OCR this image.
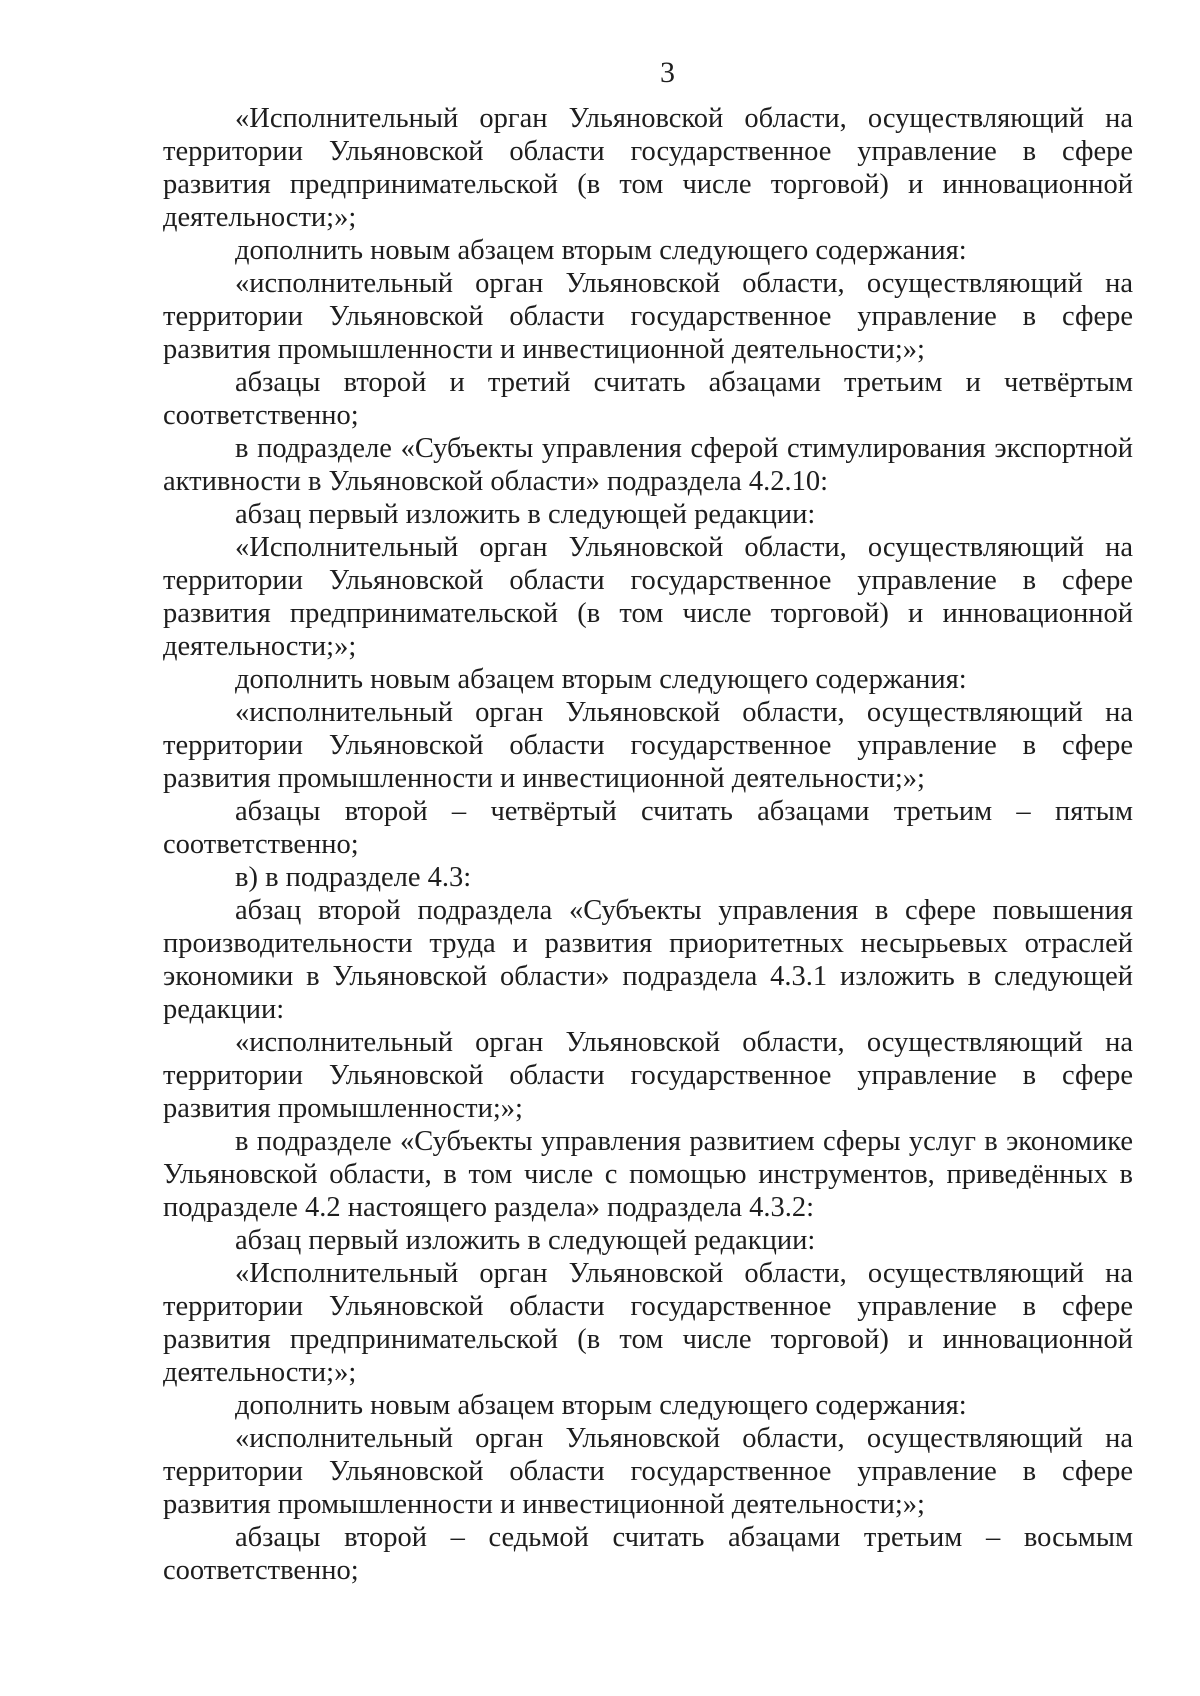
3

«Исполнительный орган Ульяновской области, осуществляющий на территории Ульяновской области государственное управление в сфере развития предпринимательской (в том числе торговой) и инновационной деятельности;»;

дополнить новым абзацем вторым следующего содержания:

«исполнительный орган Ульяновской области, осуществляющий на территории Ульяновской области государственное управление в сфере развития промышленности и инвестиционной деятельности;»;

абзацы второй и третий считать абзацами третьим и четвёртым соответственно;

в подразделе «Субъекты управления сферой стимулирования экспортной активности в Ульяновской области» подраздела 4.2.10:

абзац первый изложить в следующей редакции:

«Исполнительный орган Ульяновской области, осуществляющий на территории Ульяновской области государственное управление в сфере развития предпринимательской (в том числе торговой) и инновационной деятельности;»;

дополнить новым абзацем вторым следующего содержания:

«исполнительный орган Ульяновской области, осуществляющий на территории Ульяновской области государственное управление в сфере развития промышленности и инвестиционной деятельности;»;

абзацы второй – четвёртый считать абзацами третьим – пятым соответственно;

в) в подразделе 4.3:

абзац второй подраздела «Субъекты управления в сфере повышения производительности труда и развития приоритетных несырьевых отраслей экономики в Ульяновской области» подраздела 4.3.1 изложить в следующей редакции:

«исполнительный орган Ульяновской области, осуществляющий на территории Ульяновской области государственное управление в сфере развития промышленности;»;

в подразделе «Субъекты управления развитием сферы услуг в экономике Ульяновской области, в том числе с помощью инструментов, приведённых в подразделе 4.2 настоящего раздела» подраздела 4.3.2:

абзац первый изложить в следующей редакции:

«Исполнительный орган Ульяновской области, осуществляющий на территории Ульяновской области государственное управление в сфере развития предпринимательской (в том числе торговой) и инновационной деятельности;»;

дополнить новым абзацем вторым следующего содержания:

«исполнительный орган Ульяновской области, осуществляющий на территории Ульяновской области государственное управление в сфере развития промышленности и инвестиционной деятельности;»;

абзацы второй – седьмой считать абзацами третьим – восьмым соответственно;
